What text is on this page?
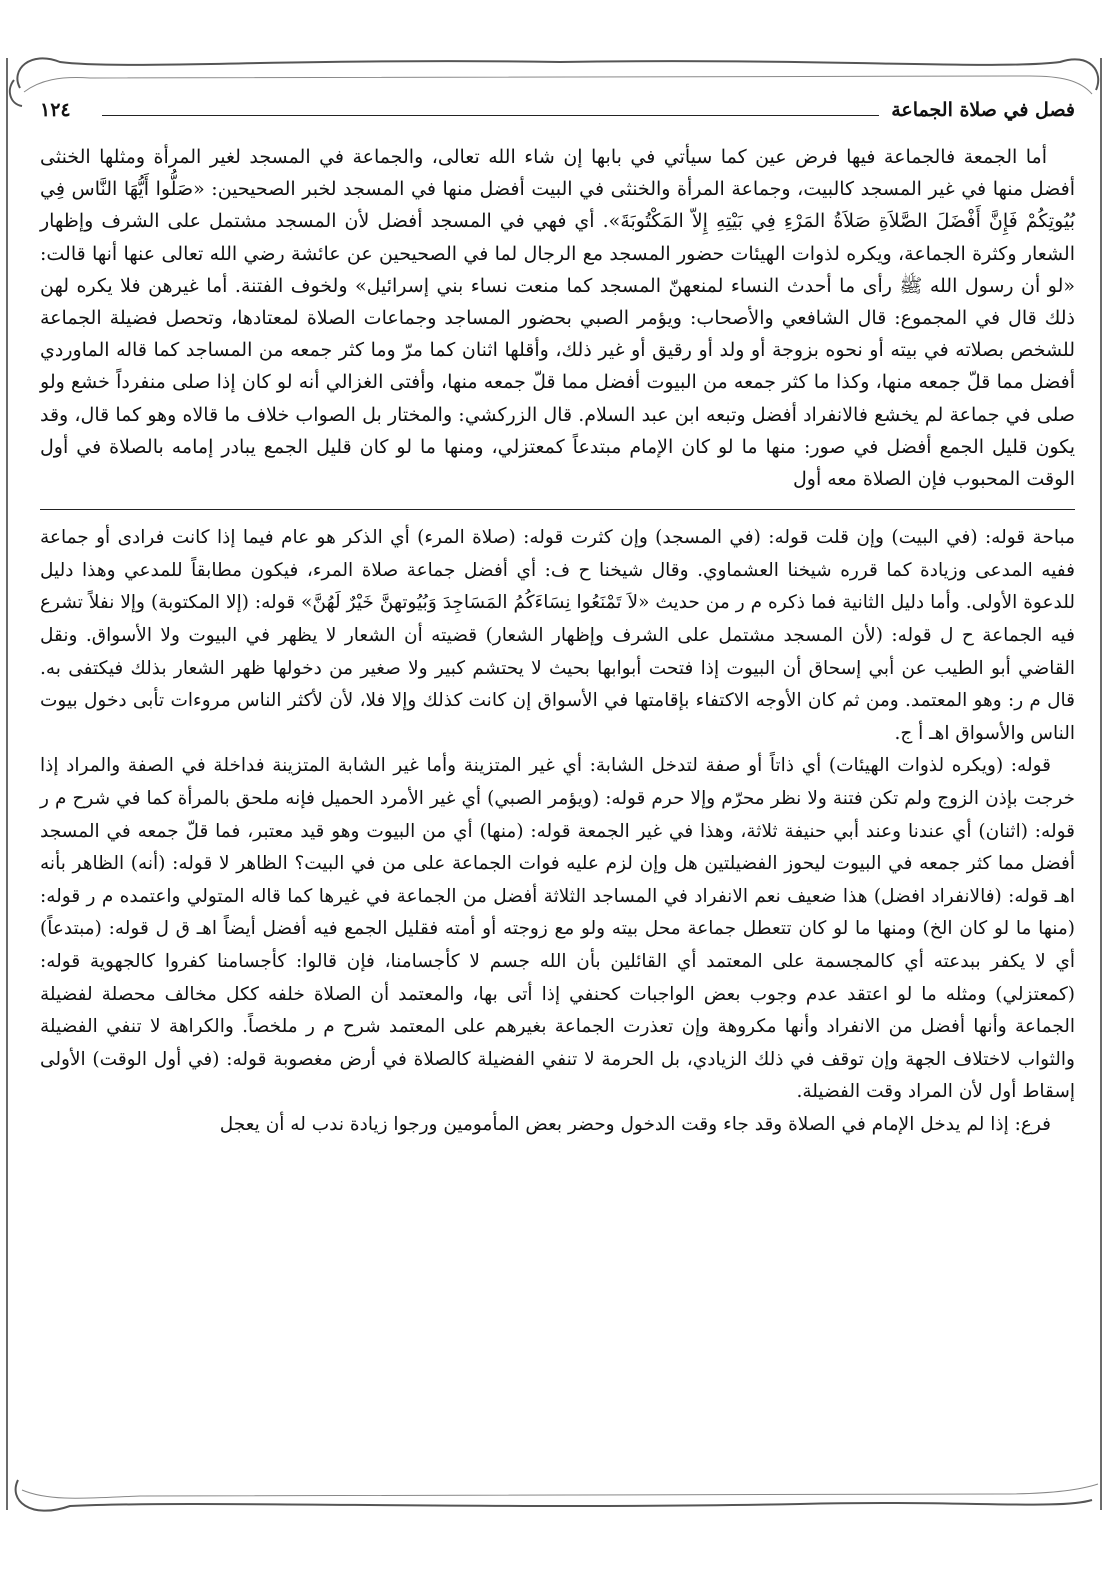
فصل في صلاة الجماعة
١٢٤
أما الجمعة فالجماعة فيها فرض عين كما سيأتي في بابها إن شاء الله تعالى، والجماعة في المسجد لغير المرأة ومثلها الخنثى أفضل منها في غير المسجد كالبيت، وجماعة المرأة والخنثى في البيت أفضل منها في المسجد لخبر الصحيحين: «صَلُّوا أَيُّهَا النَّاس فِي بُيُوتِكُمْ فَإِنَّ أَفْضَلَ الصَّلاَةِ صَلاَةُ المَرْءِ فِي بَيْتِهِ إِلاّ المَكْتُوبَةَ». أي فهي في المسجد أفضل لأن المسجد مشتمل على الشرف وإظهار الشعار وكثرة الجماعة، ويكره لذوات الهيئات حضور المسجد مع الرجال لما في الصحيحين عن عائشة رضي الله تعالى عنها أنها قالت: «لو أن رسول الله ﷺ رأى ما أحدث النساء لمنعهنّ المسجد كما منعت نساء بني إسرائيل» ولخوف الفتنة. أما غيرهن فلا يكره لهن ذلك قال في المجموع: قال الشافعي والأصحاب: ويؤمر الصبي بحضور المساجد وجماعات الصلاة لمعتادها، وتحصل فضيلة الجماعة للشخص بصلاته في بيته أو نحوه بزوجة أو ولد أو رقيق أو غير ذلك، وأقلها اثنان كما مرّ وما كثر جمعه من المساجد كما قاله الماوردي أفضل مما قلّ جمعه منها، وكذا ما كثر جمعه من البيوت أفضل مما قلّ جمعه منها، وأفتى الغزالي أنه لو كان إذا صلى منفرداً خشع ولو صلى في جماعة لم يخشع فالانفراد أفضل وتبعه ابن عبد السلام. قال الزركشي: والمختار بل الصواب خلاف ما قالاه وهو كما قال، وقد يكون قليل الجمع أفضل في صور: منها ما لو كان الإمام مبتدعاً كمعتزلي، ومنها ما لو كان قليل الجمع يبادر إمامه بالصلاة في أول الوقت المحبوب فإن الصلاة معه أول

مباحة قوله: (في البيت) وإن قلت قوله: (في المسجد) وإن كثرت قوله: (صلاة المرء) أي الذكر هو عام فيما إذا كانت فرادى أو جماعة ففيه المدعى وزيادة كما قرره شيخنا العشماوي. وقال شيخنا ح ف: أي أفضل جماعة صلاة المرء، فيكون مطابقاً للمدعي وهذا دليل للدعوة الأولى. وأما دليل الثانية فما ذكره م ر من حديث «لاَ تَمْنَعُوا نِسَاءَكُمُ المَسَاجِدَ وَبُيُوتهنَّ خَيْرٌ لَهُنَّ» قوله: (إلا المكتوبة) وإلا نفلاً تشرع فيه الجماعة ح ل قوله: (لأن المسجد مشتمل على الشرف وإظهار الشعار) قضيته أن الشعار لا يظهر في البيوت ولا الأسواق. ونقل القاضي أبو الطيب عن أبي إسحاق أن البيوت إذا فتحت أبوابها بحيث لا يحتشم كبير ولا صغير من دخولها ظهر الشعار بذلك فيكتفى به. قال م ر: وهو المعتمد. ومن ثم كان الأوجه الاكتفاء بإقامتها في الأسواق إن كانت كذلك وإلا فلا، لأن لأكثر الناس مروءات تأبى دخول بيوت الناس والأسواق اهـ أ ج.

قوله: (ويكره لذوات الهيئات) أي ذاتاً أو صفة لتدخل الشابة: أي غير المتزينة وأما غير الشابة المتزينة فداخلة في الصفة والمراد إذا خرجت بإذن الزوج ولم تكن فتنة ولا نظر محرّم وإلا حرم قوله: (ويؤمر الصبي) أي غير الأمرد الحميل فإنه ملحق بالمرأة كما في شرح م ر قوله: (اثنان) أي عندنا وعند أبي حنيفة ثلاثة، وهذا في غير الجمعة قوله: (منها) أي من البيوت وهو قيد معتبر، فما قلّ جمعه في المسجد أفضل مما كثر جمعه في البيوت ليحوز الفضيلتين هل وإن لزم عليه فوات الجماعة على من في البيت؟ الظاهر لا قوله: (أنه) الظاهر بأنه اهـ قوله: (فالانفراد افضل) هذا ضعيف نعم الانفراد في المساجد الثلاثة أفضل من الجماعة في غيرها كما قاله المتولي واعتمده م ر قوله: (منها ما لو كان الخ) ومنها ما لو كان تتعطل جماعة محل بيته ولو مع زوجته أو أمته فقليل الجمع فيه أفضل أيضاً اهـ ق ل قوله: (مبتدعاً) أي لا يكفر ببدعته أي كالمجسمة على المعتمد أي القائلين بأن الله جسم لا كأجسامنا، فإن قالوا: كأجسامنا كفروا كالجهوية قوله: (كمعتزلي) ومثله ما لو اعتقد عدم وجوب بعض الواجبات كحنفي إذا أتى بها، والمعتمد أن الصلاة خلفه ككل مخالف محصلة لفضيلة الجماعة وأنها أفضل من الانفراد وأنها مكروهة وإن تعذرت الجماعة بغيرهم على المعتمد شرح م ر ملخصاً. والكراهة لا تنفي الفضيلة والثواب لاختلاف الجهة وإن توقف في ذلك الزيادي، بل الحرمة لا تنفي الفضيلة كالصلاة في أرض مغصوبة قوله: (في أول الوقت) الأولى إسقاط أول لأن المراد وقت الفضيلة.

فرع: إذا لم يدخل الإمام في الصلاة وقد جاء وقت الدخول وحضر بعض المأمومين ورجوا زيادة ندب له أن يعجل
